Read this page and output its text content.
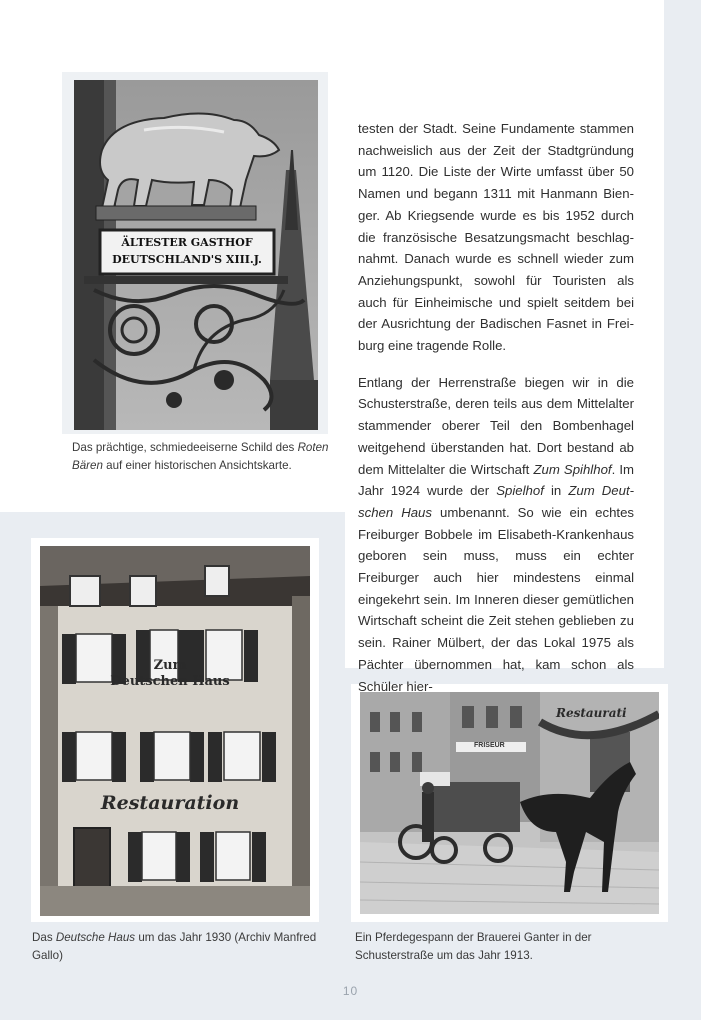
ÄLTESTER GASTHOF
DEUTSCHLAND'S XIII.J.
Das prächtige, schmiedeeiserne Schild des Roten Bären auf einer historischen Ansichtskarte.
Zum
Deutschen Haus
Restauration
Das Deutsche Haus um das Jahr 1930 (Archiv Manfred Gallo)
FRISEUR
Restaurati
Ein Pferdegespann der Brauerei Ganter in der Schusterstraße um das Jahr 1913.

testen der Stadt. Seine Fundamente stammen nachweislich aus der Zeit der Stadtgründung um 1120. Die Liste der Wirte umfasst über 50 Namen und begann 1311 mit Hanmann Bienger. Ab Kriegsende wurde es bis 1952 durch die französische Besatzungsmacht beschlagnahmt. Danach wurde es schnell wieder zum Anziehungspunkt, sowohl für Touristen als auch für Einheimische und spielt seitdem bei der Ausrichtung der Badischen Fasnet in Freiburg eine tragende Rolle.

Entlang der Herrenstraße biegen wir in die Schusterstraße, deren teils aus dem Mittelalter stammender oberer Teil den Bombenhagel weitgehend überstanden hat. Dort bestand ab dem Mittelalter die Wirtschaft Zum Spihlhof. Im Jahr 1924 wurde der Spielhof in Zum Deutschen Haus umbenannt. So wie ein echtes Freiburger Bobbele im Elisabeth-Krankenhaus geboren sein muss, muss ein echter Freiburger auch hier mindestens einmal eingekehrt sein. Im Inneren dieser gemütlichen Wirtschaft scheint die Zeit stehen geblieben zu sein. Rainer Mülbert, der das Lokal 1975 als Pächter übernommen hat, kam schon als Schüler hier-

10
